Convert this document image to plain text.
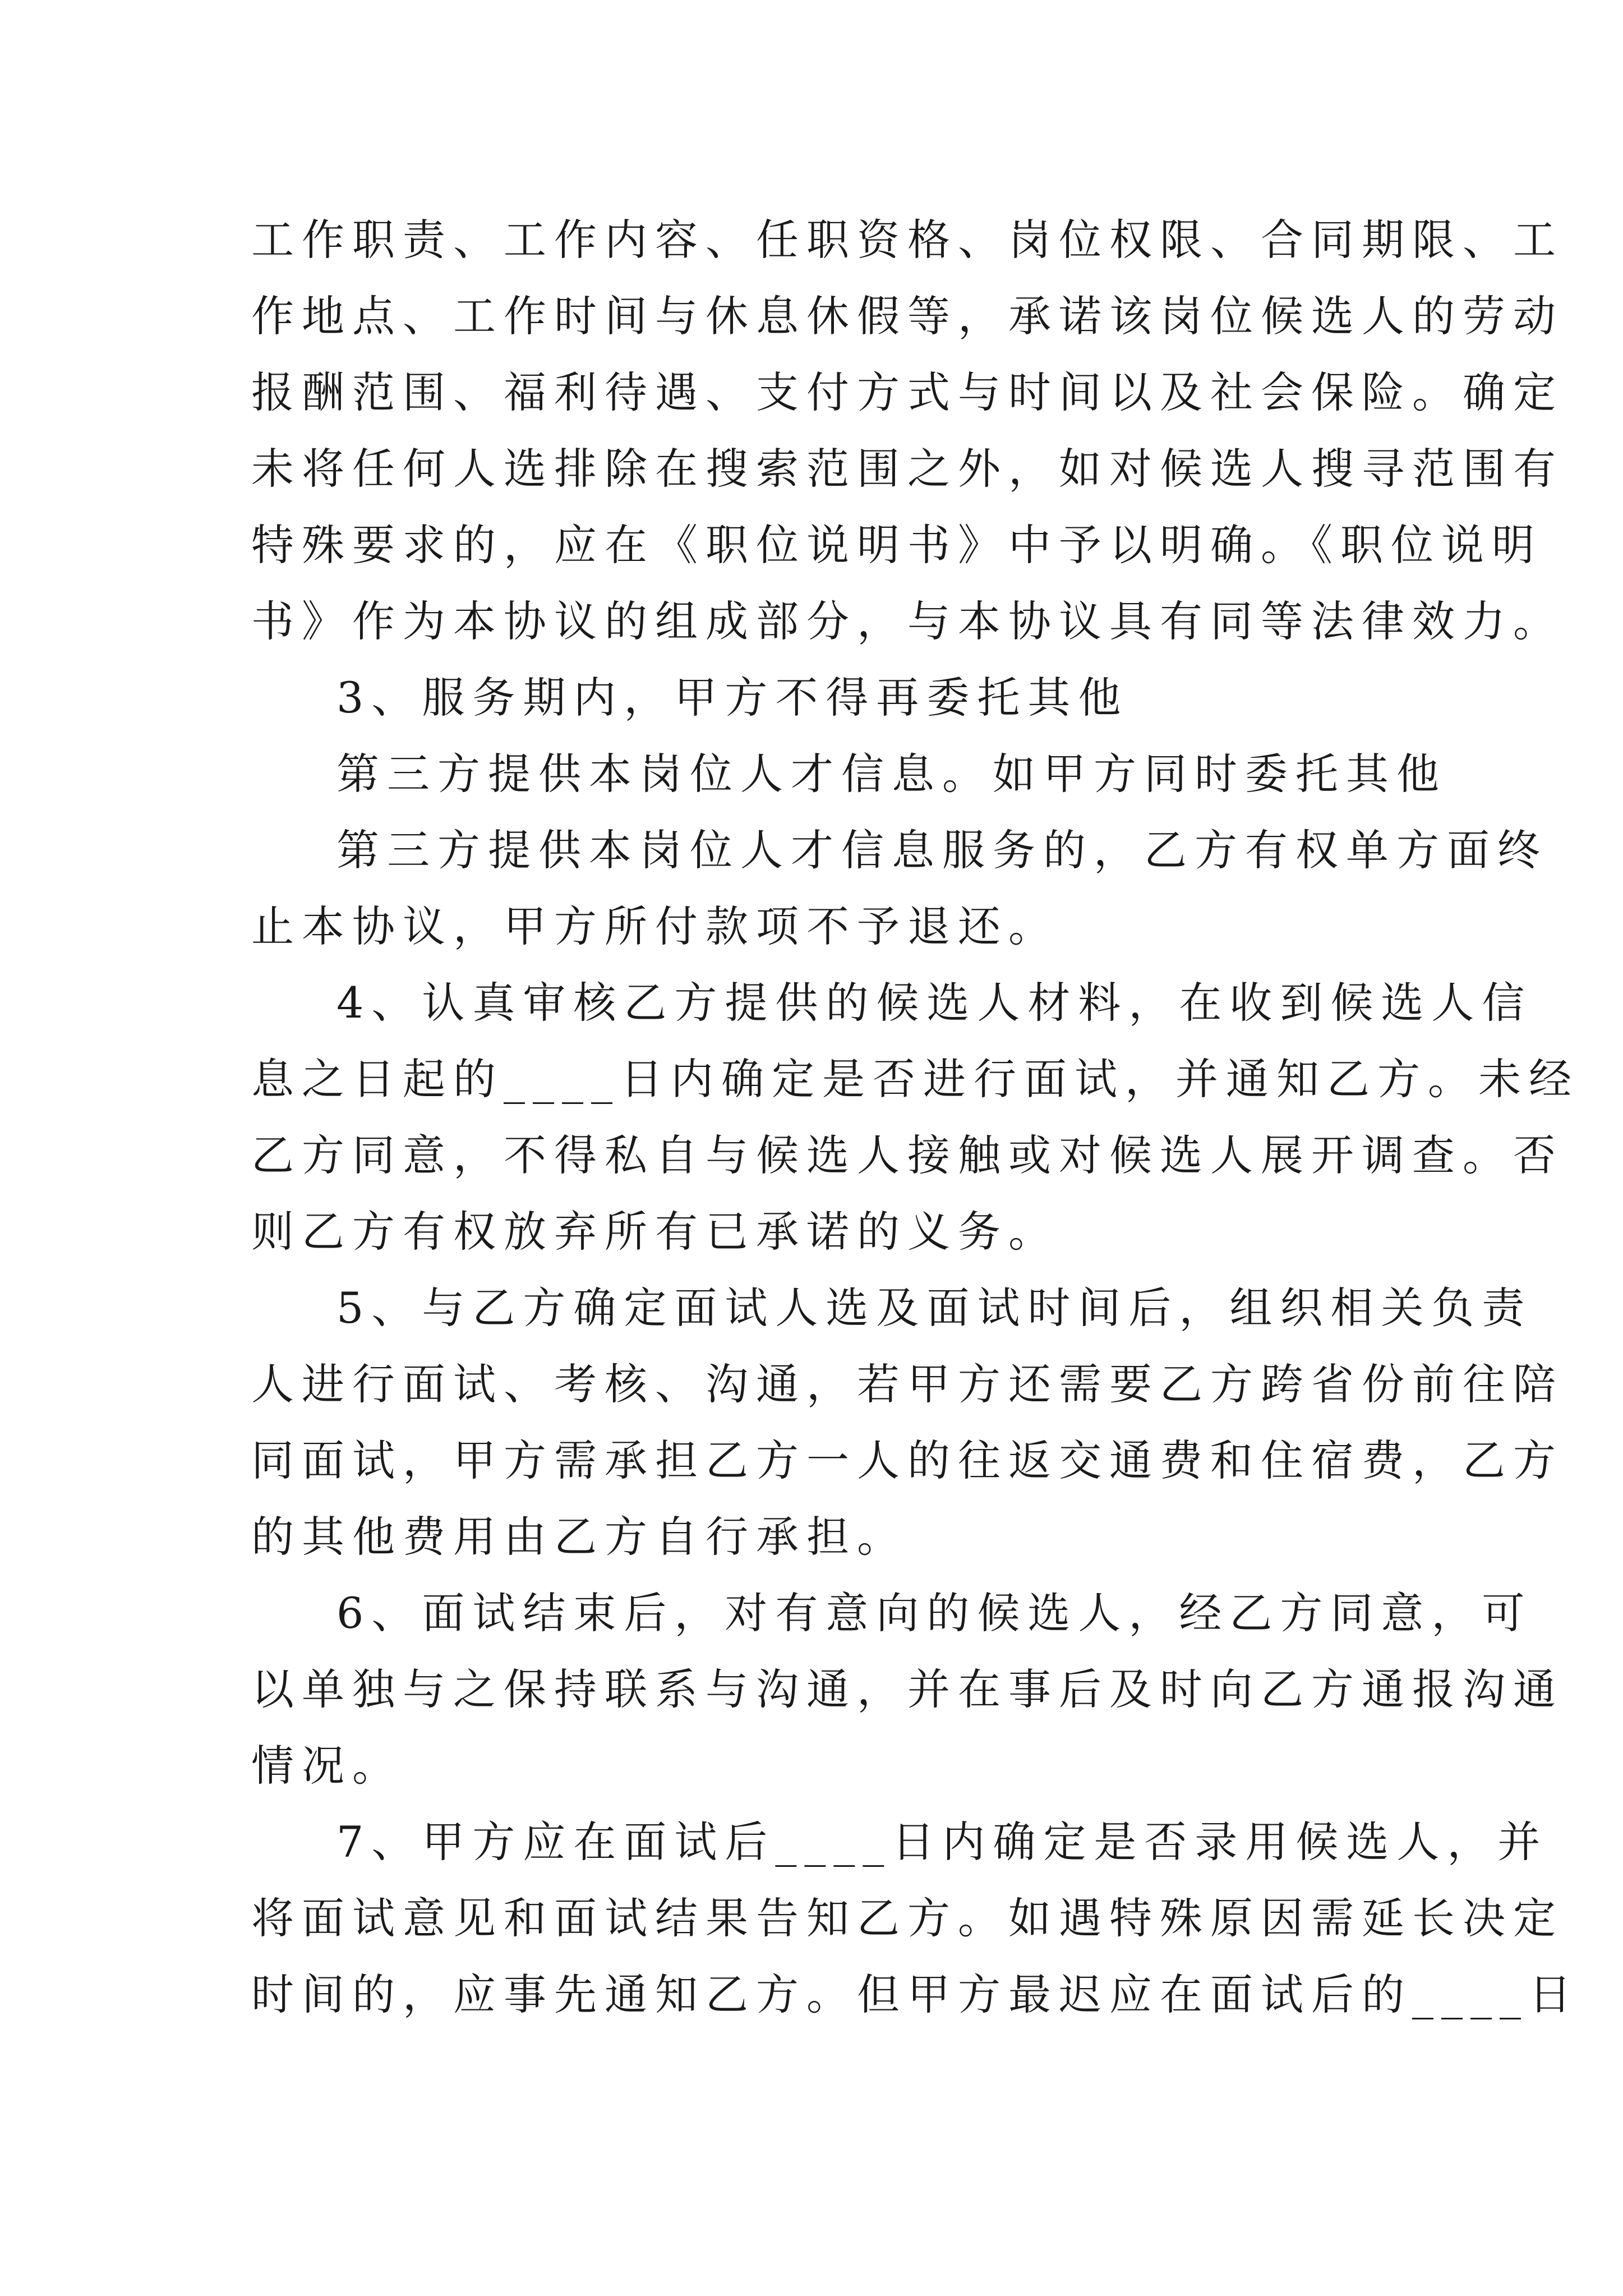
工作职责、工作内容、任职资格、岗位权限、合同期限、工
作地点、工作时间与休息休假等，承诺该岗位候选人的劳动
报酬范围、福利待遇、支付方式与时间以及社会保险。确定
未将任何人选排除在搜索范围之外，如对候选人搜寻范围有
特殊要求的，应在《职位说明书》中予以明确。《职位说明
书》作为本协议的组成部分，与本协议具有同等法律效力。
3、服务期内，甲方不得再委托其他
第三方提供本岗位人才信息。如甲方同时委托其他
第三方提供本岗位人才信息服务的，乙方有权单方面终
止本协议，甲方所付款项不予退还。
4、认真审核乙方提供的候选人材料，在收到候选人信
息之日起的____日内确定是否进行面试，并通知乙方。未经
乙方同意，不得私自与候选人接触或对候选人展开调查。否
则乙方有权放弃所有已承诺的义务。
5、与乙方确定面试人选及面试时间后，组织相关负责
人进行面试、考核、沟通，若甲方还需要乙方跨省份前往陪
同面试，甲方需承担乙方一人的往返交通费和住宿费，乙方
的其他费用由乙方自行承担。
6、面试结束后，对有意向的候选人，经乙方同意，可
以单独与之保持联系与沟通，并在事后及时向乙方通报沟通
情况。
7、甲方应在面试后____日内确定是否录用候选人，并
将面试意见和面试结果告知乙方。如遇特殊原因需延长决定
时间的，应事先通知乙方。但甲方最迟应在面试后的____日
